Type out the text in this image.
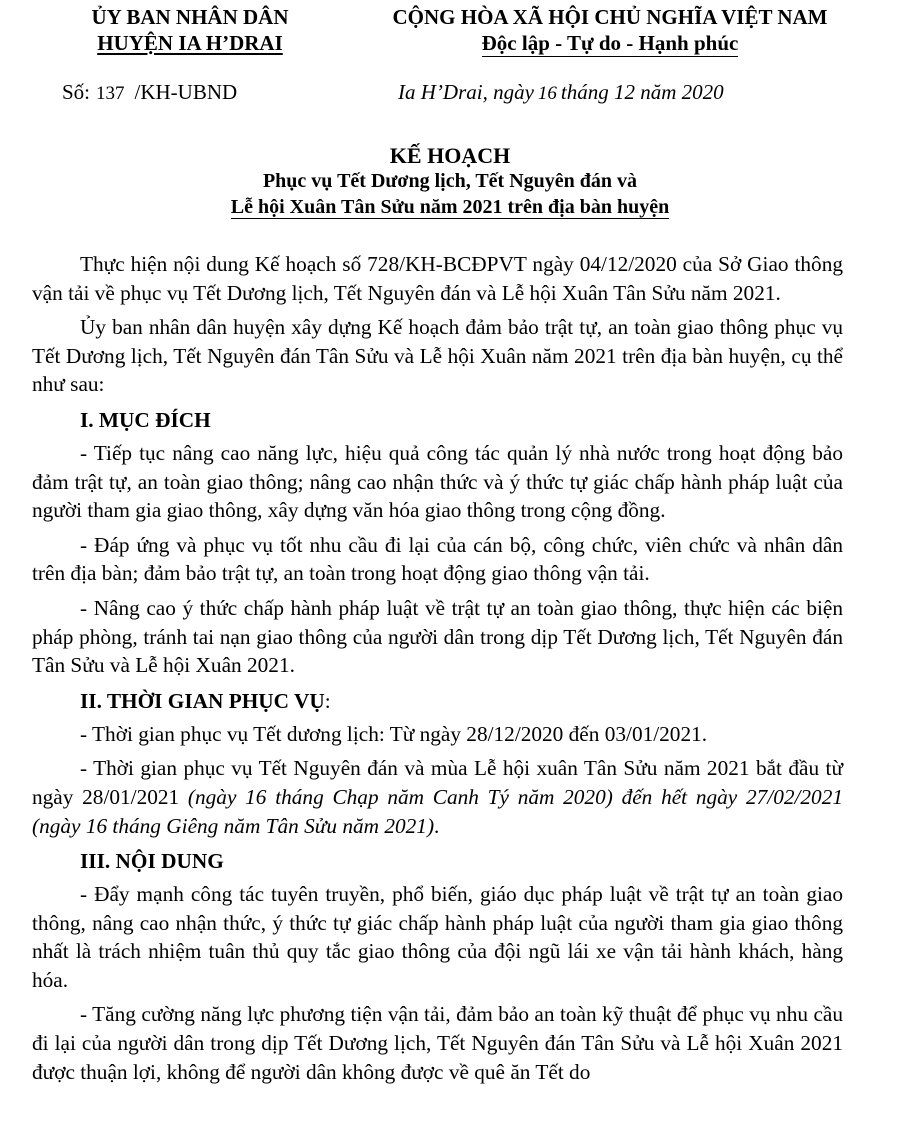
ỦY BAN NHÂN DÂN
HUYỆN IA H’DRAI
CỘNG HÒA XÃ HỘI CHỦ NGHĨA VIỆT NAM
Độc lập - Tự do - Hạnh phúc
Số: 137 /KH-UBND	Ia H’Drai, ngày 16 tháng 12 năm 2020
KẾ HOẠCH
Phục vụ Tết Dương lịch, Tết Nguyên đán và
Lễ hội Xuân Tân Sửu năm 2021 trên địa bàn huyện

Thực hiện nội dung Kế hoạch số 728/KH-BCĐPVT ngày 04/12/2020 của Sở Giao thông vận tải về phục vụ Tết Dương lịch, Tết Nguyên đán và Lễ hội Xuân Tân Sửu năm 2021.

Ủy ban nhân dân huyện xây dựng Kế hoạch đảm bảo trật tự, an toàn giao thông phục vụ Tết Dương lịch, Tết Nguyên đán Tân Sửu và Lễ hội Xuân năm 2021 trên địa bàn huyện, cụ thể như sau:

I. MỤC ĐÍCH

- Tiếp tục nâng cao năng lực, hiệu quả công tác quản lý nhà nước trong hoạt động bảo đảm trật tự, an toàn giao thông; nâng cao nhận thức và ý thức tự giác chấp hành pháp luật của người tham gia giao thông, xây dựng văn hóa giao thông trong cộng đồng.

- Đáp ứng và phục vụ tốt nhu cầu đi lại của cán bộ, công chức, viên chức và nhân dân trên địa bàn; đảm bảo trật tự, an toàn trong hoạt động giao thông vận tải.

- Nâng cao ý thức chấp hành pháp luật về trật tự an toàn giao thông, thực hiện các biện pháp phòng, tránh tai nạn giao thông của người dân trong dịp Tết Dương lịch, Tết Nguyên đán Tân Sửu và Lễ hội Xuân 2021.

II. THỜI GIAN PHỤC VỤ:

- Thời gian phục vụ Tết dương lịch: Từ ngày 28/12/2020 đến 03/01/2021.

- Thời gian phục vụ Tết Nguyên đán và mùa Lễ hội xuân Tân Sửu năm 2021 bắt đầu từ ngày 28/01/2021 (ngày 16 tháng Chạp năm Canh Tý năm 2020) đến hết ngày 27/02/2021 (ngày 16 tháng Giêng năm Tân Sửu năm 2021).

III. NỘI DUNG

- Đẩy mạnh công tác tuyên truyền, phổ biến, giáo dục pháp luật về trật tự an toàn giao thông, nâng cao nhận thức, ý thức tự giác chấp hành pháp luật của người tham gia giao thông nhất là trách nhiệm tuân thủ quy tắc giao thông của đội ngũ lái xe vận tải hành khách, hàng hóa.

- Tăng cường năng lực phương tiện vận tải, đảm bảo an toàn kỹ thuật để phục vụ nhu cầu đi lại của người dân trong dịp Tết Dương lịch, Tết Nguyên đán Tân Sửu và Lễ hội Xuân 2021 được thuận lợi, không để người dân không được về quê ăn Tết do
